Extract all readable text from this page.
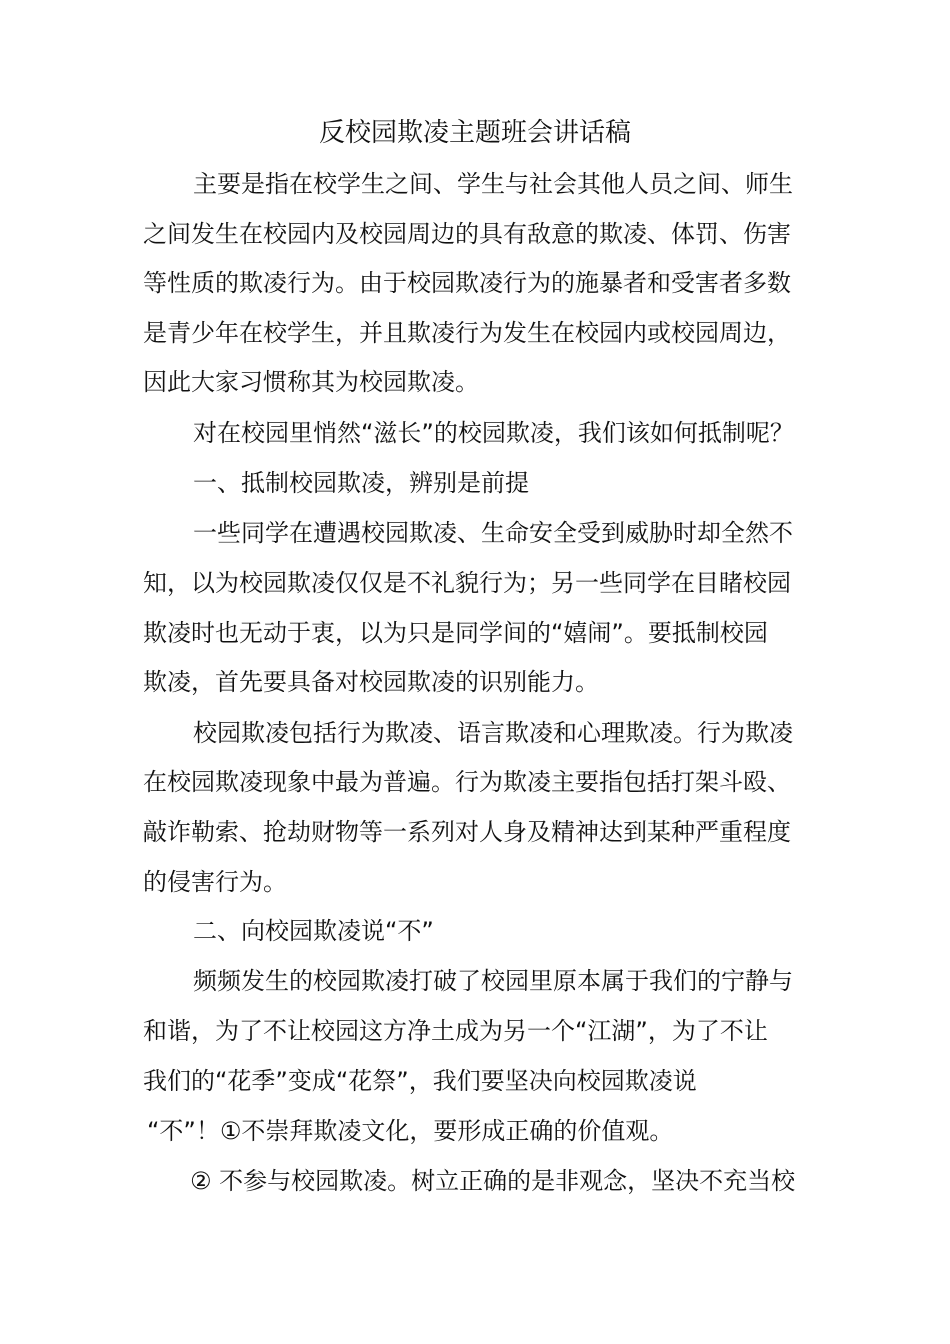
反校园欺凌主题班会讲话稿
主要是指在校学生之间、学生与社会其他人员之间、师生
之间发生在校园内及校园周边的具有敌意的欺凌、体罚、伤害
等性质的欺凌行为。由于校园欺凌行为的施暴者和受害者多数
是青少年在校学生，并且欺凌行为发生在校园内或校园周边，
因此大家习惯称其为校园欺凌。
对在校园里悄然“滋长”的校园欺凌，我们该如何抵制呢？
一、抵制校园欺凌，辨别是前提
一些同学在遭遇校园欺凌、生命安全受到威胁时却全然不
知，以为校园欺凌仅仅是不礼貌行为；另一些同学在目睹校园
欺凌时也无动于衷，以为只是同学间的“嬉闹”。要抵制校园
欺凌，首先要具备对校园欺凌的识别能力。
校园欺凌包括行为欺凌、语言欺凌和心理欺凌。行为欺凌
在校园欺凌现象中最为普遍。行为欺凌主要指包括打架斗殴、
敲诈勒索、抢劫财物等一系列对人身及精神达到某种严重程度
的侵害行为。
二、向校园欺凌说“不”
频频发生的校园欺凌打破了校园里原本属于我们的宁静与
和谐，为了不让校园这方净土成为另一个“江湖”，为了不让
我们的“花季”变成“花祭”，我们要坚决向校园欺凌说
“不”！①不崇拜欺凌文化，要形成正确的价值观。
② 不参与校园欺凌。树立正确的是非观念，坚决不充当校
